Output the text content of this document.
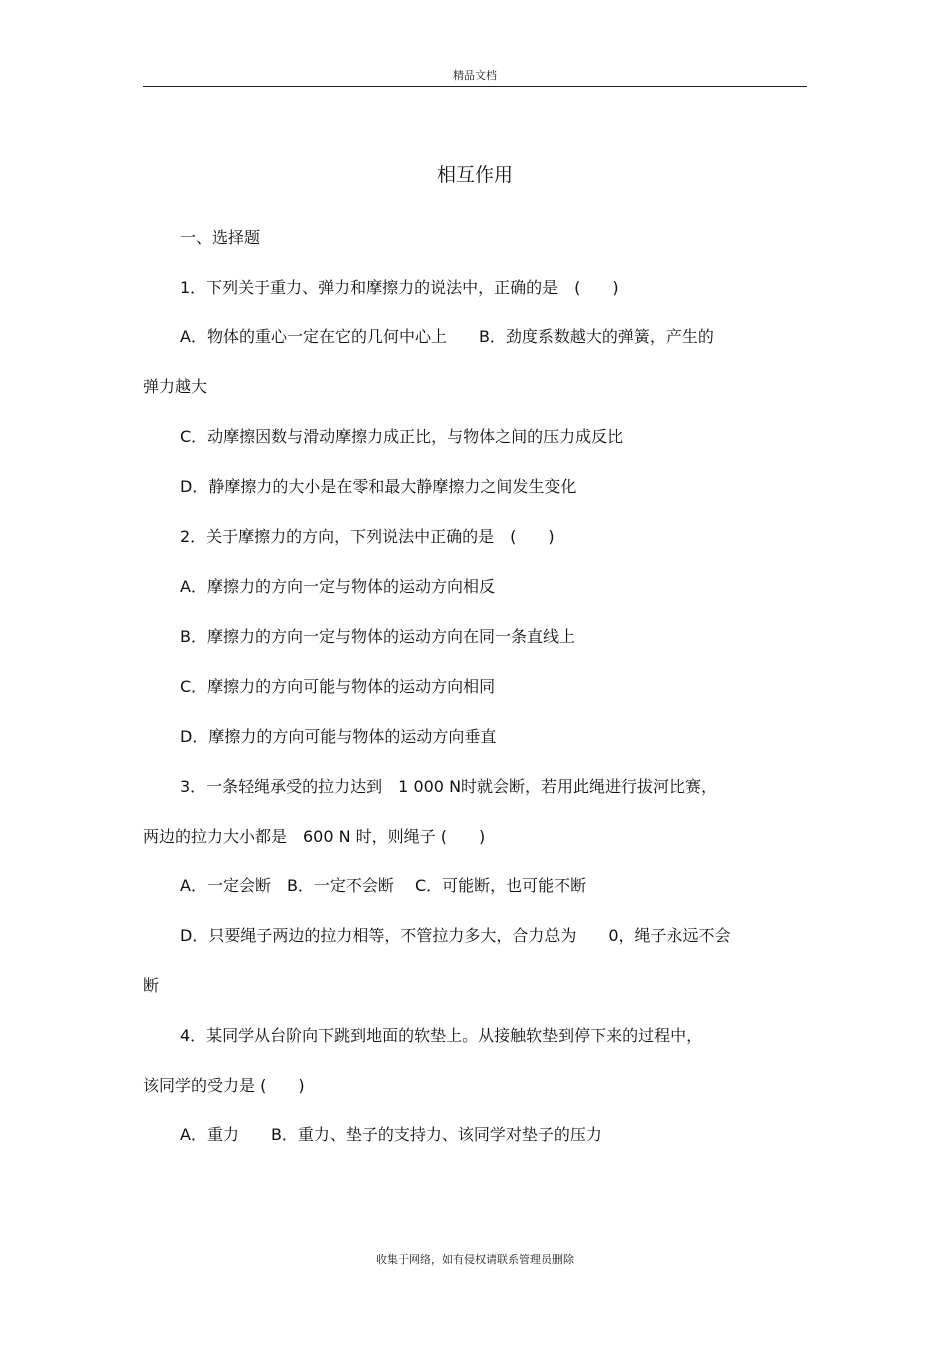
精品文档
相互作用
一、选择题
1．下列关于重力、弹力和摩擦力的说法中，正确的是　(　　)
A．物体的重心一定在它的几何中心上　　B．劲度系数越大的弹簧，产生的
弹力越大
C．动摩擦因数与滑动摩擦力成正比，与物体之间的压力成反比
D．静摩擦力的大小是在零和最大静摩擦力之间发生变化
2．关于摩擦力的方向，下列说法中正确的是　(　　)
A．摩擦力的方向一定与物体的运动方向相反
B．摩擦力的方向一定与物体的运动方向在同一条直线上
C．摩擦力的方向可能与物体的运动方向相同
D．摩擦力的方向可能与物体的运动方向垂直
3．一条轻绳承受的拉力达到　1 000 N时就会断，若用此绳进行拔河比赛，
两边的拉力大小都是　600 N 时，则绳子 (　　)
A．一定会断　B．一定不会断　 C．可能断，也可能不断
D．只要绳子两边的拉力相等，不管拉力多大，合力总为　　0，绳子永远不会
断
4．某同学从台阶向下跳到地面的软垫上。从接触软垫到停下来的过程中，
该同学的受力是 (　　)
A．重力　　B．重力、垫子的支持力、该同学对垫子的压力
收集于网络，如有侵权请联系管理员删除
